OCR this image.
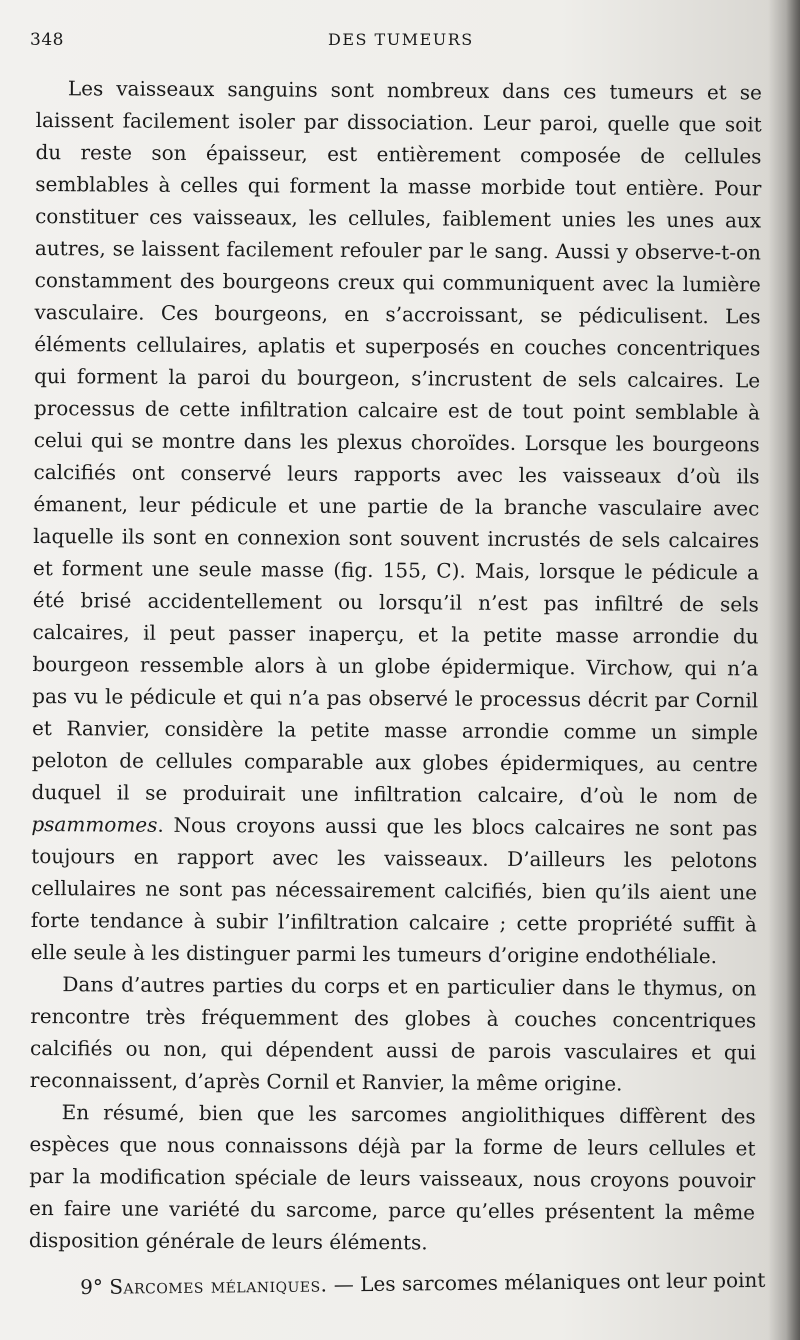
348	DES TUMEURS

Les vaisseaux sanguins sont nombreux dans ces tumeurs et se laissent facilement isoler par dissociation. Leur paroi, quelle que soit du reste son épaisseur, est entièrement composée de cellules semblables à celles qui forment la masse morbide tout entière. Pour constituer ces vaisseaux, les cellules, faiblement unies les unes aux autres, se laissent facilement refouler par le sang. Aussi y observe-t-on constamment des bourgeons creux qui communiquent avec la lumière vasculaire. Ces bourgeons, en s’accroissant, se pédiculisent. Les éléments cellulaires, aplatis et superposés en couches concentriques qui forment la paroi du bourgeon, s’incrustent de sels calcaires. Le processus de cette infiltration calcaire est de tout point semblable à celui qui se montre dans les plexus choroïdes. Lorsque les bourgeons calcifiés ont conservé leurs rapports avec les vaisseaux d’où ils émanent, leur pédicule et une partie de la branche vasculaire avec laquelle ils sont en connexion sont souvent incrustés de sels calcaires et forment une seule masse (fig. 155, C). Mais, lorsque le pédicule a été brisé accidentellement ou lorsqu’il n’est pas infiltré de sels calcaires, il peut passer inaperçu, et la petite masse arrondie du bourgeon ressemble alors à un globe épidermique. Virchow, qui n’a pas vu le pédicule et qui n’a pas observé le processus décrit par Cornil et Ranvier, considère la petite masse arrondie comme un simple peloton de cellules comparable aux globes épidermiques, au centre duquel il se produirait une infiltration calcaire, d’où le nom de psammomes. Nous croyons aussi que les blocs calcaires ne sont pas toujours en rapport avec les vaisseaux. D’ailleurs les pelotons cellulaires ne sont pas nécessairement calcifiés, bien qu’ils aient une forte tendance à subir l’infiltration calcaire ; cette propriété suffit à elle seule à les distinguer parmi les tumeurs d’origine endothéliale.

Dans d’autres parties du corps et en particulier dans le thymus, on rencontre très fréquemment des globes à couches concentriques calcifiés ou non, qui dépendent aussi de parois vasculaires et qui reconnaissent, d’après Cornil et Ranvier, la même origine.

En résumé, bien que les sarcomes angiolithiques diffèrent des espèces que nous connaissons déjà par la forme de leurs cellules et par la modification spéciale de leurs vaisseaux, nous croyons pouvoir en faire une variété du sarcome, parce qu’elles présentent la même disposition générale de leurs éléments.

9° Sarcomes mélaniques. — Les sarcomes mélaniques ont leur point
